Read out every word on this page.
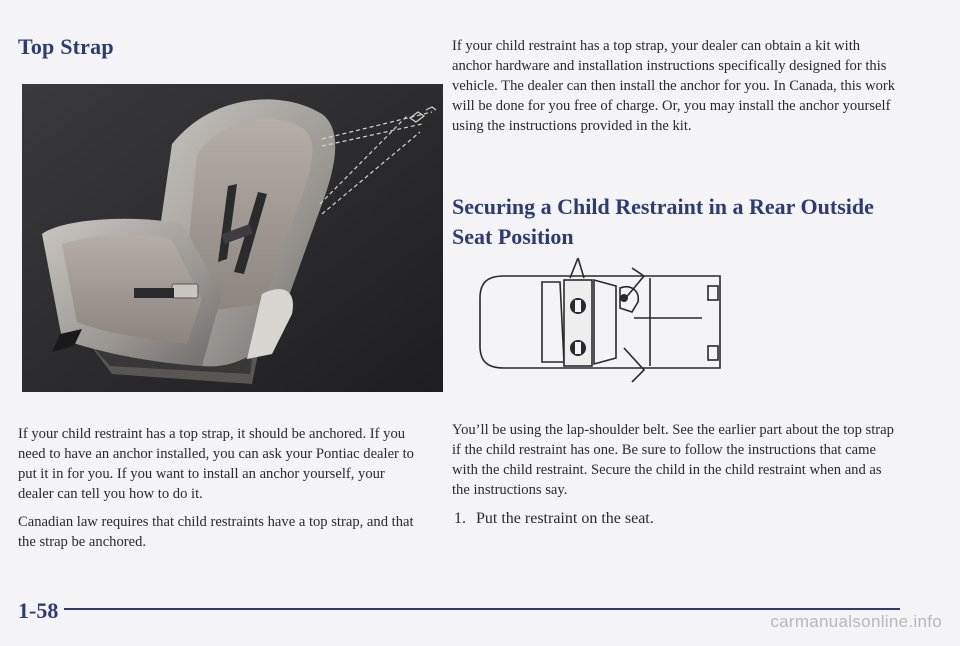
Top Strap

If your child restraint has a top strap, it should be anchored. If you need to have an anchor installed, you can ask your Pontiac dealer to put it in for you. If you want to install an anchor yourself, your dealer can tell you how to do it.

Canadian law requires that child restraints have a top strap, and that the strap be anchored.

If your child restraint has a top strap, your dealer can obtain a kit with anchor hardware and installation instructions specifically designed for this vehicle. The dealer can then install the anchor for you. In Canada, this work will be done for you free of charge. Or, you may install the anchor yourself using the instructions provided in the kit.

Securing a Child Restraint in a Rear Outside Seat Position

You’ll be using the lap-shoulder belt. See the earlier part about the top strap if the child restraint has one. Be sure to follow the instructions that came with the child restraint. Secure the child in the child restraint when and as the instructions say.

1. Put the restraint on the seat.
1-58	carmanualsonline.info
